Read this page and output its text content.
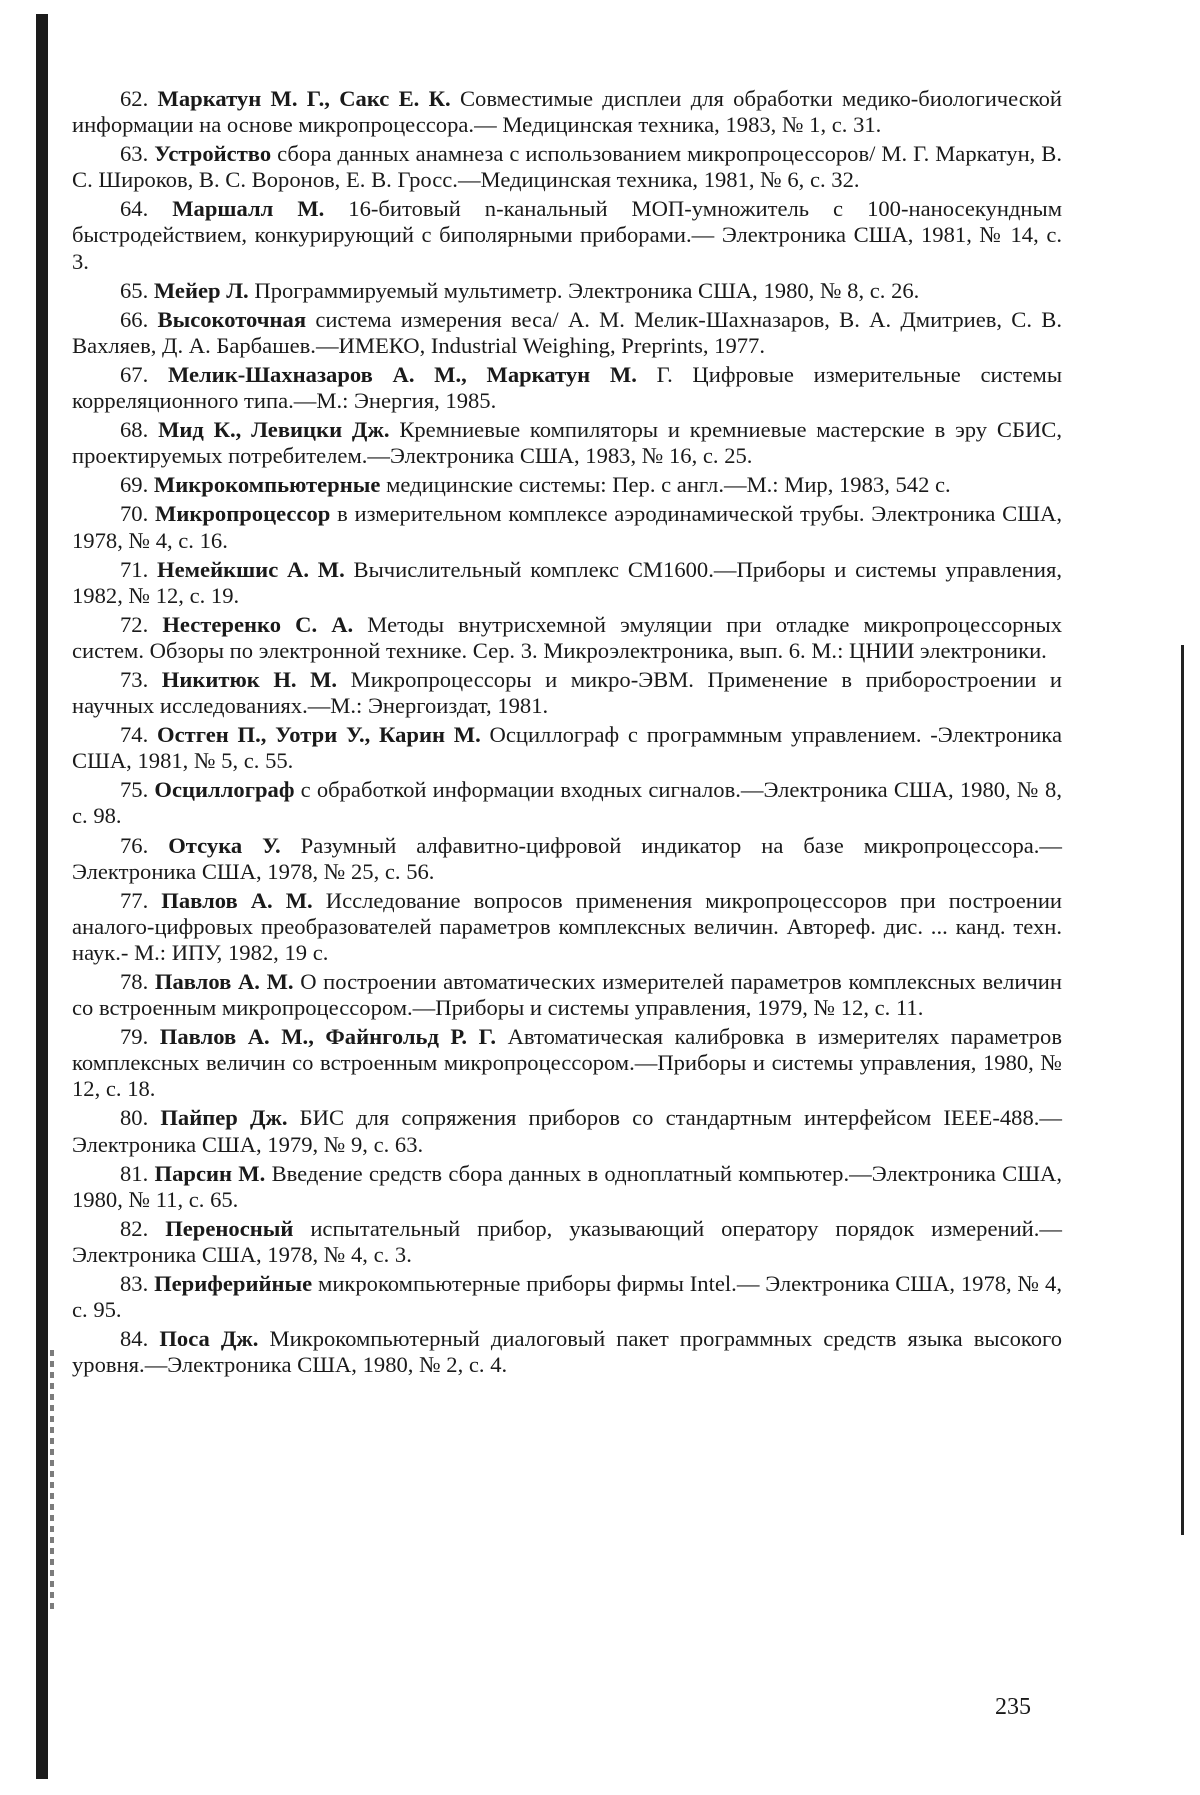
62. Маркатун М. Г., Сакс Е. К. Совместимые дисплеи для обработки медико-биологической информации на основе микропроцессора.— Медицинская техника, 1983, № 1, с. 31.

63. Устройство сбора данных анамнеза с использованием микропроцессоров/ М. Г. Маркатун, В. С. Широков, В. С. Воронов, Е. В. Гросс.—Медицинская техника, 1981, № 6, с. 32.

64. Маршалл М. 16-битовый n-канальный МОП-умножитель с 100-наносекундным быстродействием, конкурирующий с биполярными приборами.— Электроника США, 1981, № 14, с. 3.

65. Мейер Л. Программируемый мультиметр. Электроника США, 1980, № 8, с. 26.

66. Высокоточная система измерения веса/ А. М. Мелик-Шахназаров, В. А. Дмитриев, С. В. Вахляев, Д. А. Барбашев.—ИМЕКО, Industrial Weighing, Preprints, 1977.

67. Мелик-Шахназаров А. М., Маркатун М. Г. Цифровые измерительные системы корреляционного типа.—М.: Энергия, 1985.

68. Мид К., Левицки Дж. Кремниевые компиляторы и кремниевые мастерские в эру СБИС, проектируемых потребителем.—Электроника США, 1983, № 16, с. 25.

69. Микрокомпьютерные медицинские системы: Пер. с англ.—М.: Мир, 1983, 542 с.

70. Микропроцессор в измерительном комплексе аэродинамической трубы. Электроника США, 1978, № 4, с. 16.

71. Немейкшис А. М. Вычислительный комплекс СМ1600.—Приборы и системы управления, 1982, № 12, с. 19.

72. Нестеренко С. А. Методы внутрисхемной эмуляции при отладке микропроцессорных систем. Обзоры по электронной технике. Сер. 3. Микроэлектроника, вып. 6. М.: ЦНИИ электроники.

73. Никитюк Н. М. Микропроцессоры и микро-ЭВМ. Применение в приборостроении и научных исследованиях.—М.: Энергоиздат, 1981.

74. Остген П., Уотри У., Карин М. Осциллограф с программным управлением. -Электроника США, 1981, № 5, с. 55.

75. Осциллограф с обработкой информации входных сигналов.—Электроника США, 1980, № 8, с. 98.

76. Отсука У. Разумный алфавитно-цифровой индикатор на базе микропроцессора.—Электроника США, 1978, № 25, с. 56.

77. Павлов А. М. Исследование вопросов применения микропроцессоров при построении аналого-цифровых преобразователей параметров комплексных величин. Автореф. дис. ... канд. техн. наук.- М.: ИПУ, 1982, 19 с.

78. Павлов А. М. О построении автоматических измерителей параметров комплексных величин со встроенным микропроцессором.—Приборы и системы управления, 1979, № 12, с. 11.

79. Павлов А. М., Файнгольд Р. Г. Автоматическая калибровка в измерителях параметров комплексных величин со встроенным микропроцессором.—Приборы и системы управления, 1980, № 12, с. 18.

80. Пайпер Дж. БИС для сопряжения приборов со стандартным интерфейсом IEEE-488.—Электроника США, 1979, № 9, с. 63.

81. Парсин М. Введение средств сбора данных в одноплатный компьютер.—Электроника США, 1980, № 11, с. 65.

82. Переносный испытательный прибор, указывающий оператору порядок измерений.—Электроника США, 1978, № 4, с. 3.

83. Периферийные микрокомпьютерные приборы фирмы Intel.— Электроника США, 1978, № 4, с. 95.

84. Поса Дж. Микрокомпьютерный диалоговый пакет программных средств языка высокого уровня.—Электроника США, 1980, № 2, с. 4.

235
